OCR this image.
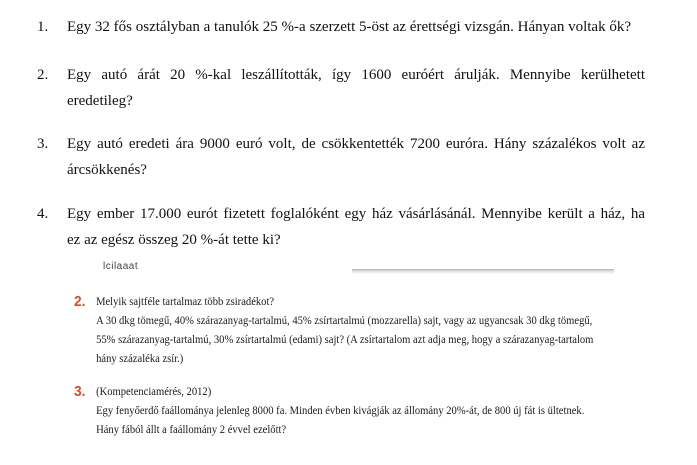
1.	Egy 32 fős osztályban a tanulók 25 %-a szerzett 5-öst az érettségi vizsgán. Hányan voltak ők?
2.	Egy autó árát 20 %-kal leszállították, így 1600 euróért árulják. Mennyibe kerülhetett
eredetileg?
3.	Egy autó eredeti ára 9000 euró volt, de csökkentették 7200 euróra. Hány százalékos volt az
árcsökkenés?
4.	Egy ember 17.000 eurót fizetett foglalóként egy ház vásárlásánál. Mennyibe került a ház, ha
ez az egész összeg 20 %-át tette ki?
lcilaaat
2. Melyik sajtféle tartalmaz több zsiradékot?
A 30 dkg tömegű, 40% szárazanyag-tartalmú, 45% zsírtartalmú (mozzarella) sajt, vagy az ugyancsak 30 dkg tömegű,
55% szárazanyag-tartalmú, 30% zsírtartalmú (edami) sajt? (A zsírtartalom azt adja meg, hogy a szárazanyag-tartalom
hány százaléka zsír.)
3. (Kompetenciamérés, 2012)
Egy fenyőerdő faállománya jelenleg 8000 fa. Minden évben kivágják az állomány 20%-át, de 800 új fát is ültetnek.
Hány fából állt a faállomány 2 évvel ezelőtt?
